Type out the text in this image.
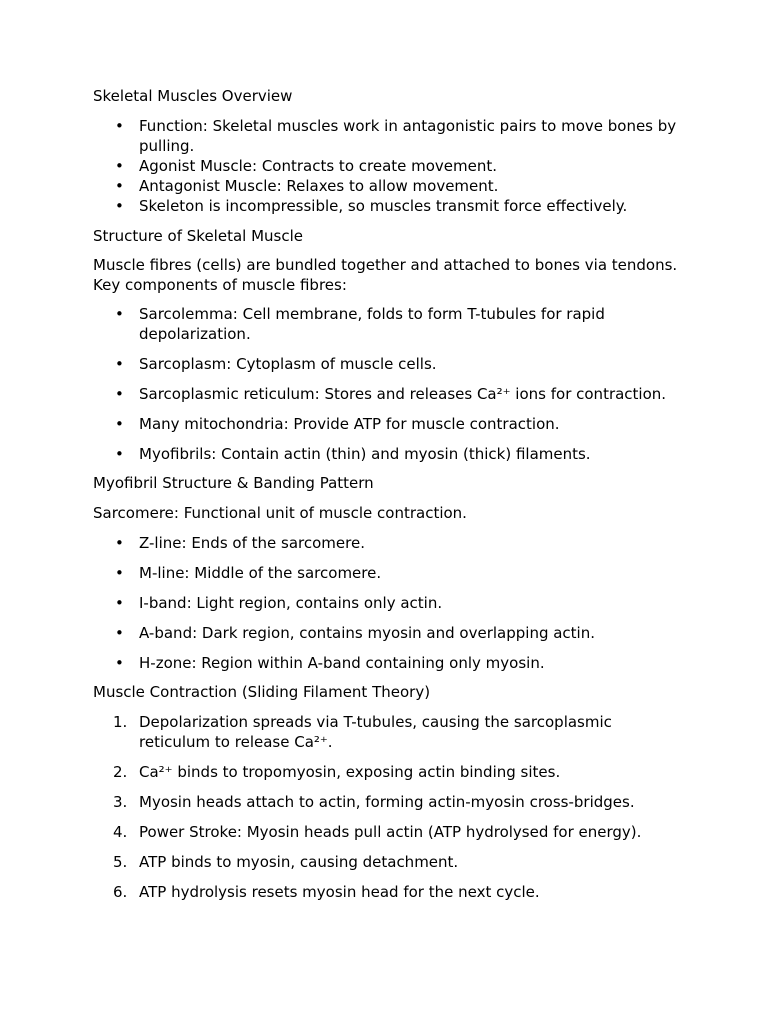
Skeletal Muscles Overview

• Function: Skeletal muscles work in antagonistic pairs to move bones by pulling.
• Agonist Muscle: Contracts to create movement.
• Antagonist Muscle: Relaxes to allow movement.
• Skeleton is incompressible, so muscles transmit force effectively.

Structure of Skeletal Muscle

Muscle fibres (cells) are bundled together and attached to bones via tendons.

Key components of muscle fibres:

• Sarcolemma: Cell membrane, folds to form T-tubules for rapid depolarization.
• Sarcoplasm: Cytoplasm of muscle cells.
• Sarcoplasmic reticulum: Stores and releases Ca²⁺ ions for contraction.
• Many mitochondria: Provide ATP for muscle contraction.
• Myofibrils: Contain actin (thin) and myosin (thick) filaments.

Myofibril Structure & Banding Pattern

Sarcomere: Functional unit of muscle contraction.

• Z-line: Ends of the sarcomere.
• M-line: Middle of the sarcomere.
• I-band: Light region, contains only actin.
• A-band: Dark region, contains myosin and overlapping actin.
• H-zone: Region within A-band containing only myosin.

Muscle Contraction (Sliding Filament Theory)

1. Depolarization spreads via T-tubules, causing the sarcoplasmic reticulum to release Ca²⁺.
2. Ca²⁺ binds to tropomyosin, exposing actin binding sites.
3. Myosin heads attach to actin, forming actin-myosin cross-bridges.
4. Power Stroke: Myosin heads pull actin (ATP hydrolysed for energy).
5. ATP binds to myosin, causing detachment.
6. ATP hydrolysis resets myosin head for the next cycle.
